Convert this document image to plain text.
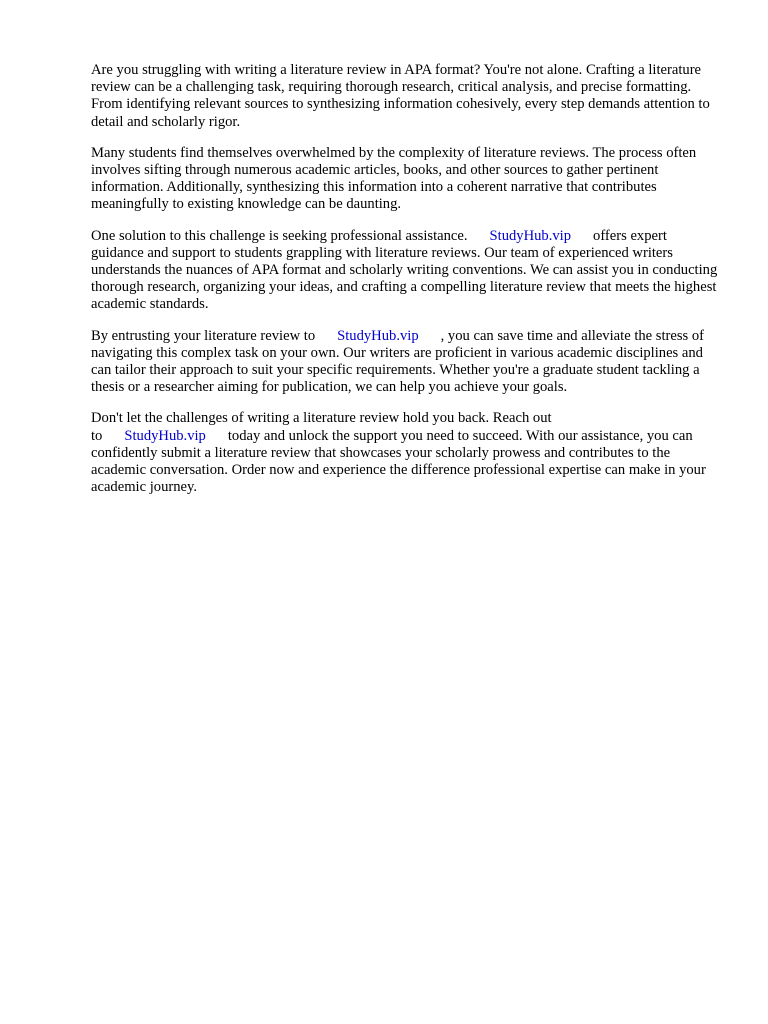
Are you struggling with writing a literature review in APA format? You're not alone. Crafting a literature review can be a challenging task, requiring thorough research, critical analysis, and precise formatting. From identifying relevant sources to synthesizing information cohesively, every step demands attention to detail and scholarly rigor.

Many students find themselves overwhelmed by the complexity of literature reviews. The process often involves sifting through numerous academic articles, books, and other sources to gather pertinent information. Additionally, synthesizing this information into a coherent narrative that contributes meaningfully to existing knowledge can be daunting.

One solution to this challenge is seeking professional assistance. StudyHub.vip offers expert guidance and support to students grappling with literature reviews. Our team of experienced writers understands the nuances of APA format and scholarly writing conventions. We can assist you in conducting thorough research, organizing your ideas, and crafting a compelling literature review that meets the highest academic standards.

By entrusting your literature review to StudyHub.vip , you can save time and alleviate the stress of navigating this complex task on your own. Our writers are proficient in various academic disciplines and can tailor their approach to suit your specific requirements. Whether you're a graduate student tackling a thesis or a researcher aiming for publication, we can help you achieve your goals.

Don't let the challenges of writing a literature review hold you back. Reach out to StudyHub.vip today and unlock the support you need to succeed. With our assistance, you can confidently submit a literature review that showcases your scholarly prowess and contributes to the academic conversation. Order now and experience the difference professional expertise can make in your academic journey.
